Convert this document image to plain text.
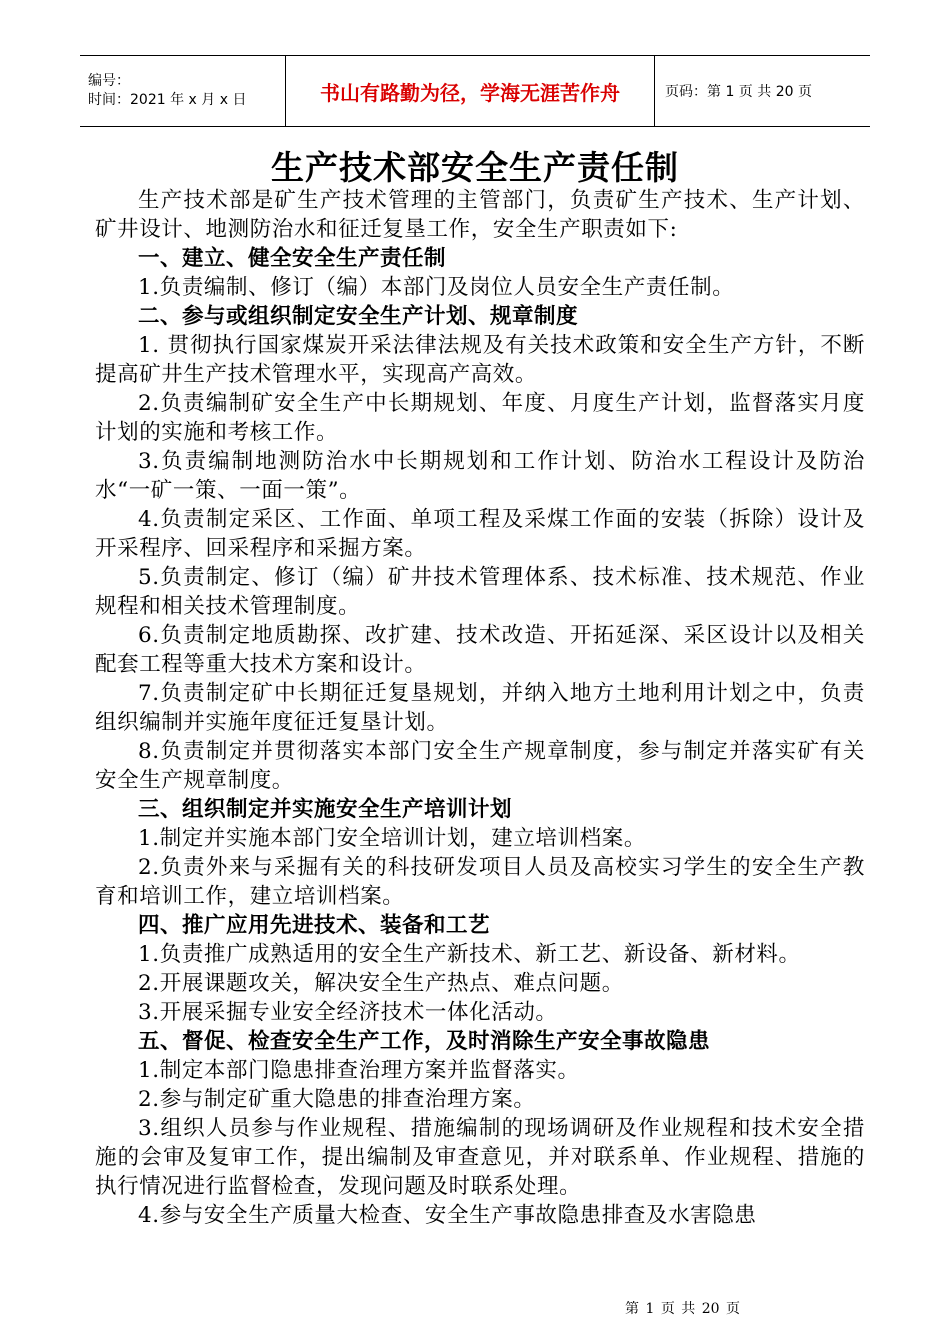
编号：
时间：2021 年 x 月 x 日	书山有路勤为径，学海无涯苦作舟	页码：第 1 页 共 20 页
生产技术部安全生产责任制

生产技术部是矿生产技术管理的主管部门，负责矿生产技术、生产计划、矿井设计、地测防治水和征迁复垦工作，安全生产职责如下:

一、建立、健全安全生产责任制

1.负责编制、修订（编）本部门及岗位人员安全生产责任制。

二、参与或组织制定安全生产计划、规章制度

1. 贯彻执行国家煤炭开采法律法规及有关技术政策和安全生产方针，不断提高矿井生产技术管理水平，实现高产高效。

2.负责编制矿安全生产中长期规划、年度、月度生产计划，监督落实月度计划的实施和考核工作。

3.负责编制地测防治水中长期规划和工作计划、防治水工程设计及防治水“一矿一策、一面一策”。

4.负责制定采区、工作面、单项工程及采煤工作面的安装（拆除）设计及开采程序、回采程序和采掘方案。

5.负责制定、修订（编）矿井技术管理体系、技术标准、技术规范、作业规程和相关技术管理制度。

6.负责制定地质勘探、改扩建、技术改造、开拓延深、采区设计以及相关配套工程等重大技术方案和设计。

7.负责制定矿中长期征迁复垦规划，并纳入地方土地利用计划之中，负责组织编制并实施年度征迁复垦计划。

8.负责制定并贯彻落实本部门安全生产规章制度，参与制定并落实矿有关安全生产规章制度。

三、组织制定并实施安全生产培训计划

1.制定并实施本部门安全培训计划，建立培训档案。

2.负责外来与采掘有关的科技研发项目人员及高校实习学生的安全生产教育和培训工作，建立培训档案。

四、推广应用先进技术、装备和工艺

1.负责推广成熟适用的安全生产新技术、新工艺、新设备、新材料。

2.开展课题攻关，解决安全生产热点、难点问题。

3.开展采掘专业安全经济技术一体化活动。

五、督促、检查安全生产工作，及时消除生产安全事故隐患

1.制定本部门隐患排查治理方案并监督落实。

2.参与制定矿重大隐患的排查治理方案。

3.组织人员参与作业规程、措施编制的现场调研及作业规程和技术安全措施的会审及复审工作，提出编制及审查意见，并对联系单、作业规程、措施的执行情况进行监督检查，发现问题及时联系处理。

4.参与安全生产质量大检查、安全生产事故隐患排查及水害隐患

第 1 页 共 20 页
